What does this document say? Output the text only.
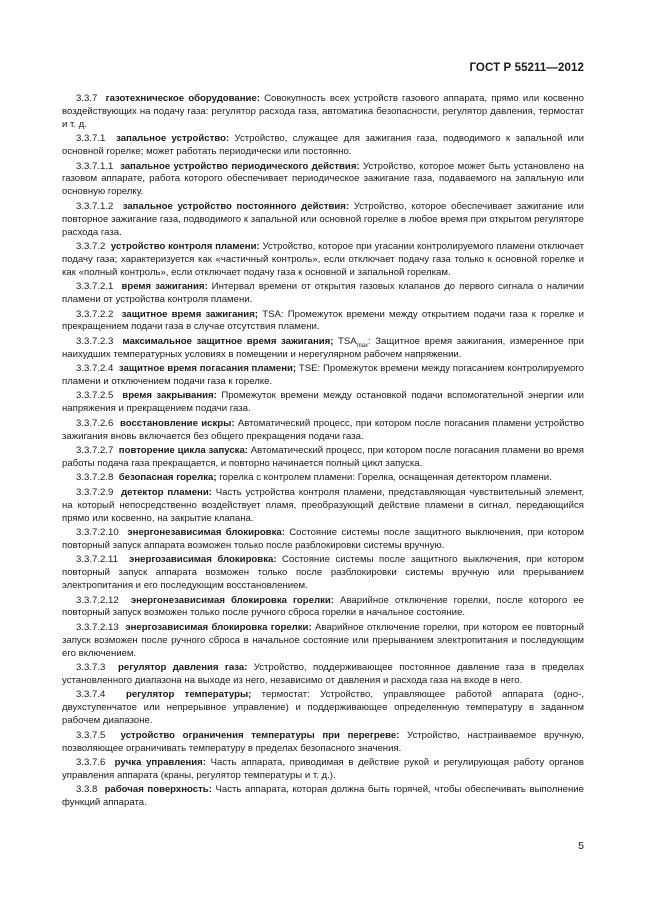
ГОСТ Р 55211—2012

3.3.7 газотехническое оборудование: Совокупность всех устройств газового аппарата, прямо или косвенно воздействующих на подачу газа: регулятор расхода газа, автоматика безопасности, регулятор давления, термостат и т. д.

3.3.7.1 запальное устройство: Устройство, служащее для зажигания газа, подводимого к запальной или основной горелке; может работать периодически или постоянно.

3.3.7.1.1 запальное устройство периодического действия: Устройство, которое может быть установлено на газовом аппарате, работа которого обеспечивает периодическое зажигание газа, подаваемого на запальную или основную горелку.

3.3.7.1.2 запальное устройство постоянного действия: Устройство, которое обеспечивает зажигание или повторное зажигание газа, подводимого к запальной или основной горелке в любое время при открытом регуляторе расхода газа.

3.3.7.2 устройство контроля пламени: Устройство, которое при угасании контролируемого пламени отключает подачу газа; характеризуется как «частичный контроль», если отключает подачу газа только к основной горелке и как «полный контроль», если отключает подачу газа к основной и запальной горелкам.

3.3.7.2.1 время зажигания: Интервал времени от открытия газовых клапанов до первого сигнала о наличии пламени от устройства контроля пламени.

3.3.7.2.2 защитное время зажигания; TSA: Промежуток времени между открытием подачи газа к горелке и прекращением подачи газа в случае отсутствия пламени.

3.3.7.2.3 максимальное защитное время зажигания; $TSA_{max}$: Защитное время зажигания, измеренное при наихудших температурных условиях в помещении и нерегулярном рабочем напряжении.

3.3.7.2.4 защитное время погасания пламени; TSE: Промежуток времени между погасанием контролируемого пламени и отключением подачи газа к горелке.

3.3.7.2.5 время закрывания: Промежуток времени между остановкой подачи вспомогательной энергии или напряжения и прекращением подачи газа.

3.3.7.2.6 восстановление искры: Автоматический процесс, при котором после погасания пламени устройство зажигания вновь включается без общего прекращения подачи газа.

3.3.7.2.7 повторение цикла запуска: Автоматический процесс, при котором после погасания пламени во время работы подача газа прекращается, и повторно начинается полный цикл запуска.

3.3.7.2.8 безопасная горелка; горелка с контролем пламени: Горелка, оснащенная детектором пламени.

3.3.7.2.9 детектор пламени: Часть устройства контроля пламени, представляющая чувствительный элемент, на который непосредственно воздействует пламя, преобразующий действие пламени в сигнал, передающийся прямо или косвенно, на закрытие клапана.

3.3.7.2.10 энергонезависимая блокировка: Состояние системы после защитного выключения, при котором повторный запуск аппарата возможен только после разблокировки системы вручную.

3.3.7.2.11 энергозависимая блокировка: Состояние системы после защитного выключения, при котором повторный запуск аппарата возможен только после разблокировки системы вручную или прерыванием электропитания и его последующим восстановлением.

3.3.7.2.12 энергонезависимая блокировка горелки: Аварийное отключение горелки, после которого ее повторный запуск возможен только после ручного сброса горелки в начальное состояние.

3.3.7.2.13 энергозависимая блокировка горелки: Аварийное отключение горелки, при котором ее повторный запуск возможен после ручного сброса в начальное состояние или прерыванием электропитания и последующим его включением.

3.3.7.3 регулятор давления газа: Устройство, поддерживающее постоянное давление газа в пределах установленного диапазона на выходе из него, независимо от давления и расхода газа на входе в него.

3.3.7.4 регулятор температуры; термостат: Устройство, управляющее работой аппарата (одно-, двухступенчатое или непрерывное управление) и поддерживающее определенную температуру в заданном рабочем диапазоне.

3.3.7.5 устройство ограничения температуры при перегреве: Устройство, настраиваемое вручную, позволяющее ограничивать температуру в пределах безопасного значения.

3.3.7.6 ручка управления: Часть аппарата, приводимая в действие рукой и регулирующая работу органов управления аппарата (краны, регулятор температуры и т. д.).

3.3.8 рабочая поверхность: Часть аппарата, которая должна быть горячей, чтобы обеспечивать выполнение функций аппарата.

5
